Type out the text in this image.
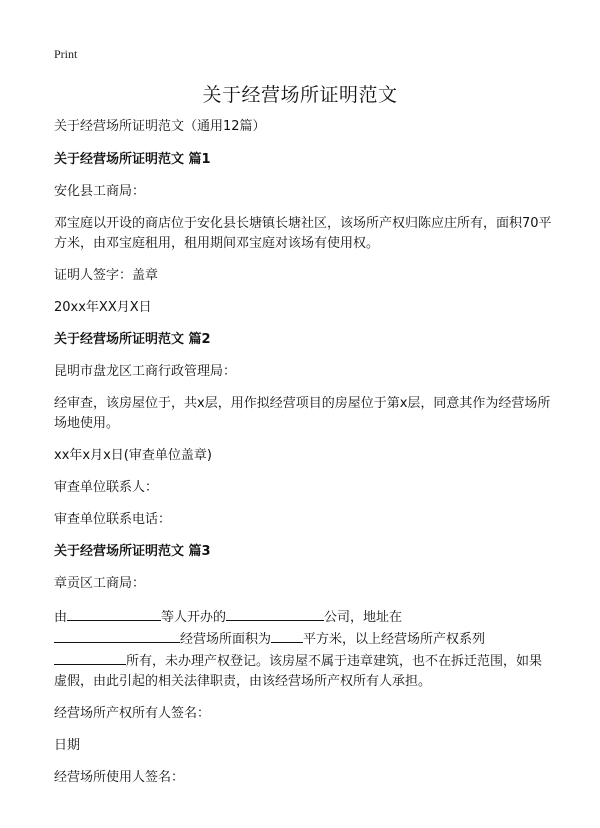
Print
关于经营场所证明范文

关于经营场所证明范文（通用12篇）

关于经营场所证明范文 篇1

安化县工商局：

邓宝庭以开设的商店位于安化县长塘镇长塘社区，该场所产权归陈应庄所有，面积70平方米，由邓宝庭租用，租用期间邓宝庭对该场有使用权。

证明人签字：盖章

20xx年XX月X日

关于经营场所证明范文 篇2

昆明市盘龙区工商行政管理局：

经审查，该房屋位于，共x层，用作拟经营项目的房屋位于第x层，同意其作为经营场所场地使用。

xx年x月x日(审查单位盖章)

审查单位联系人：

审查单位联系电话：

关于经营场所证明范文 篇3

章贡区工商局：

由	等人开办的	公司，地址在
经营场所面积为 平方米，以上经营场所产权系列
所有，未办理产权登记。该房屋不属于违章建筑，也不在拆迁范围，如果虚假，由此引起的相关法律职责，由该经营场所产权所有人承担。

经营场所产权所有人签名：

日期

经营场所使用人签名：
